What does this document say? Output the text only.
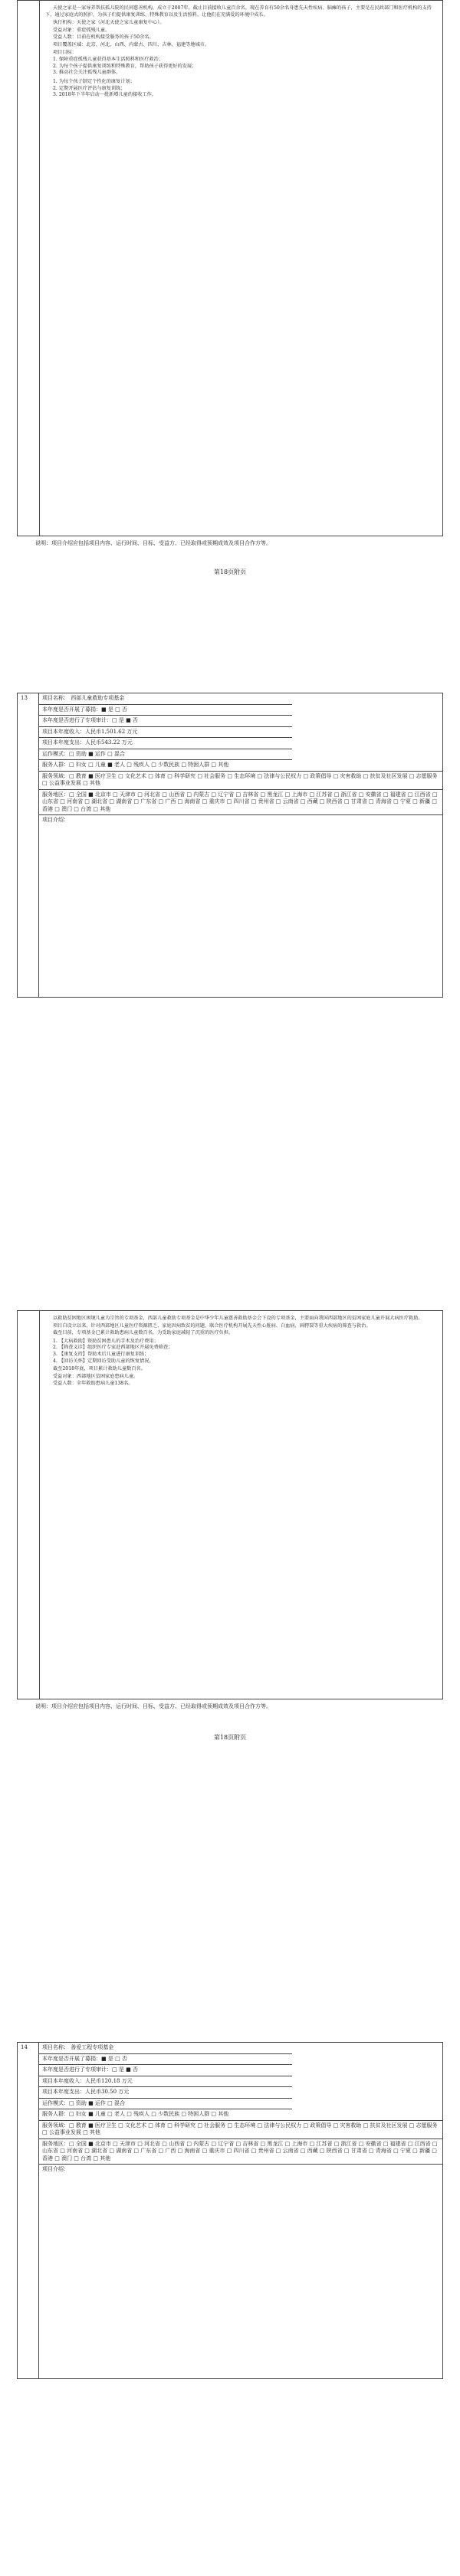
天使之家是一家导养帮扶孤儿院的民间慈善机构，成立于2007年，截止目前接收儿童百余名，现在养育有50余名身患先天性疾病、脑瘫的孩子，主要是在民政部门和医疗机构的支持下，通过家庭式的照护，为孩子们提供康复训练、特殊教育以及生活照料，让他们在充满爱的环境中成长。

执行机构：天使之家（河北天使之家儿童康复中心）。

受益对象：重症孤残儿童。

受益人数：目前在机构接受服务的孩子50余名。

项目覆盖区域：北京、河北、山西、内蒙古、四川、吉林、福建等地城市。

项目目标：

1. 保障重症孤残儿童获得基本生活照料和医疗救治；

2. 为每个孩子提供康复训练和特殊教育，帮助孩子获得更好的发展；

3. 推动社会关注孤残儿童群体。

1. 为每个孩子制定个性化的康复计划；

2. 定期开展医疗评估与康复训练；

3. 2018年下半年启动一批新增儿童的接收工作。

说明：项目介绍应包括项目内容、运行时间、目标、受益方、已经取得或预期成效及项目合作方等。
第18页附页
13	项目名称： 西部儿童救助专项基金
本年度是否开展了募捐：■ 是 □ 否
本年度是否进行了专项审计：□ 是 ■ 否
项目本年度收入：人民币1,501.62 万元
项目本年度支出：人民币543.22 万元
运作模式：□ 资助 ■ 运作 □ 混合
服务人群：□ 妇女 □ 儿童 ■ 老人 □ 残疾人 □ 少数民族 □ 特困人群 □ 其他
服务领域：□ 教育 ■ 医疗卫生 □ 文化艺术 □ 体育 □ 科学研究 □ 社会服务 □ 生态环境 □ 法律与公民权力 □ 政策倡导 □ 灾害救助 □ 扶贫及社区发展 □ 志愿服务 □ 公益事业发展 □ 其他
服务地区：□ 全国 ■ 北京市 □ 天津市 □ 河北省 □ 山西省 □ 内蒙古 □ 辽宁省 □ 吉林省 □ 黑龙江 □ 上海市 □ 江苏省 □ 浙江省 □ 安徽省 □ 福建省 □ 江西省 □ 山东省 □ 河南省 □ 湖北省 □ 湖南省 □ 广东省 □ 广西 □ 海南省 □ 重庆市 □ 四川省 □ 贵州省 □ 云南省 □ 西藏 □ 陕西省 □ 甘肃省 □ 青海省 □ 宁夏 □ 新疆 □ 香港 □ 澳门 □ 台湾 □ 其他
项目介绍：

以救助贫困地区困境儿童为宗旨的专项基金，西部儿童救助专项基金是中华少年儿童慈善救助基金会下设的专项基金，主要面向我国西部地区的贫困家庭儿童开展大病医疗救助。

项目自设立以来，针对西部地区儿童医疗资源匮乏、家庭因病致贫的问题，联合医疗机构开展先天性心脏病、白血病、唇腭裂等重大疾病的筛查与救治。

截至目前，专项基金已累计救助患病儿童数百名，为受助家庭减轻了沉重的医疗负担。

1. 【大病救助】资助贫困患儿的手术及治疗费用；

2. 【筛查义诊】组织医疗专家赴西部地区开展免费筛查；

3. 【康复支持】帮助术后儿童进行康复训练；

4. 【回访关怀】定期回访受助儿童的恢复情况。

截至2018年底，项目累计救助儿童数百名。

受益对象：西部地区贫困家庭患病儿童。

受益人数：全年救助患病儿童138名。

说明：项目介绍应包括项目内容、运行时间、目标、受益方、已经取得或预期成效及项目合作方等。
第18页附页
14	项目名称： 善爱工程专项基金
本年度是否开展了募捐：■ 是 □ 否
本年度是否进行了专项审计：□ 是 ■ 否
项目本年度收入：人民币120.18 万元
项目本年度支出：人民币30.50 万元
运作模式：□ 资助 ■ 运作 □ 混合
服务人群：□ 妇女 ■ 儿童 □ 老人 □ 残疾人 □ 少数民族 □ 特困人群 □ 其他
服务领域：□ 教育 ■ 医疗卫生 □ 文化艺术 □ 体育 □ 科学研究 □ 社会服务 □ 生态环境 □ 法律与公民权力 □ 政策倡导 □ 灾害救助 □ 扶贫及社区发展 □ 志愿服务 □ 公益事业发展 □ 其他
服务地区：□ 全国 ■ 北京市 □ 天津市 □ 河北省 □ 山西省 □ 内蒙古 □ 辽宁省 □ 吉林省 □ 黑龙江 □ 上海市 □ 江苏省 □ 浙江省 □ 安徽省 □ 福建省 □ 江西省 □ 山东省 □ 河南省 □ 湖北省 □ 湖南省 □ 广东省 □ 广西 □ 海南省 □ 重庆市 □ 四川省 □ 贵州省 □ 云南省 □ 西藏 □ 陕西省 □ 甘肃省 □ 青海省 □ 宁夏 □ 新疆 □ 香港 □ 澳门 □ 台湾 □ 其他
项目介绍：
